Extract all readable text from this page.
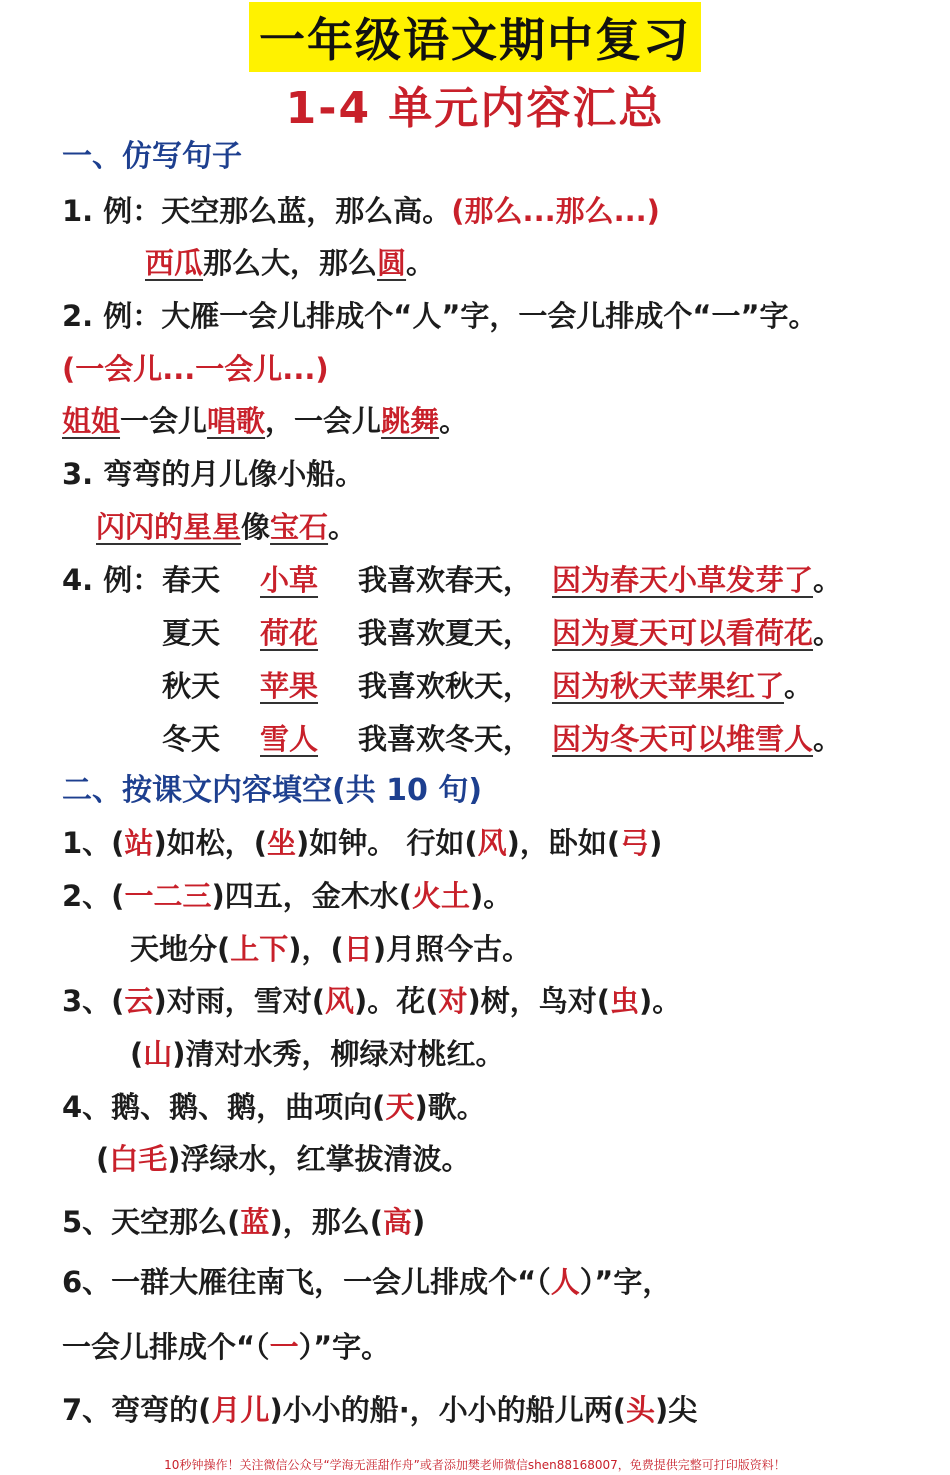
一年级语文期中复习
1-4 单元内容汇总
一、仿写句子
1. 例：天空那么蓝，那么高。(那么...那么...)
西瓜那么大，那么圆。
2. 例：大雁一会儿排成个“人”字，一会儿排成个“一”字。
(一会儿...一会儿...)
姐姐一会儿唱歌，一会儿跳舞。
3. 弯弯的月儿像小船。
闪闪的星星像宝石。
4. 例： 春天 小草 我喜欢春天， 因为春天小草发芽了。
夏天 荷花 我喜欢夏天， 因为夏天可以看荷花。
秋天 苹果 我喜欢秋天， 因为秋天苹果红了。
冬天 雪人 我喜欢冬天， 因为冬天可以堆雪人。
二、按课文内容填空(共 10 句)
1、(站)如松，(坐)如钟。 行如(风)，卧如(弓)
2、(一二三)四五，金木水(火土)。
天地分(上下)，(日)月照今古。
3、(云)对雨，雪对(风)。花(对)树，鸟对(虫)。
(山)清对水秀，柳绿对桃红。
4、鹅、鹅、鹅，曲项向(天)歌。
(白毛)浮绿水，红掌拔清波。
5、天空那么(蓝)，那么(高)
6、一群大雁往南飞，一会儿排成个“（人）”字，
一会儿排成个“（一）”字。
7、弯弯的(月儿)小小的船·，小小的船儿两(头)尖
10秒钟操作！关注微信公众号“学海无涯甜作舟”或者添加樊老师微信shen88168007，免费提供完整可打印版资料！
